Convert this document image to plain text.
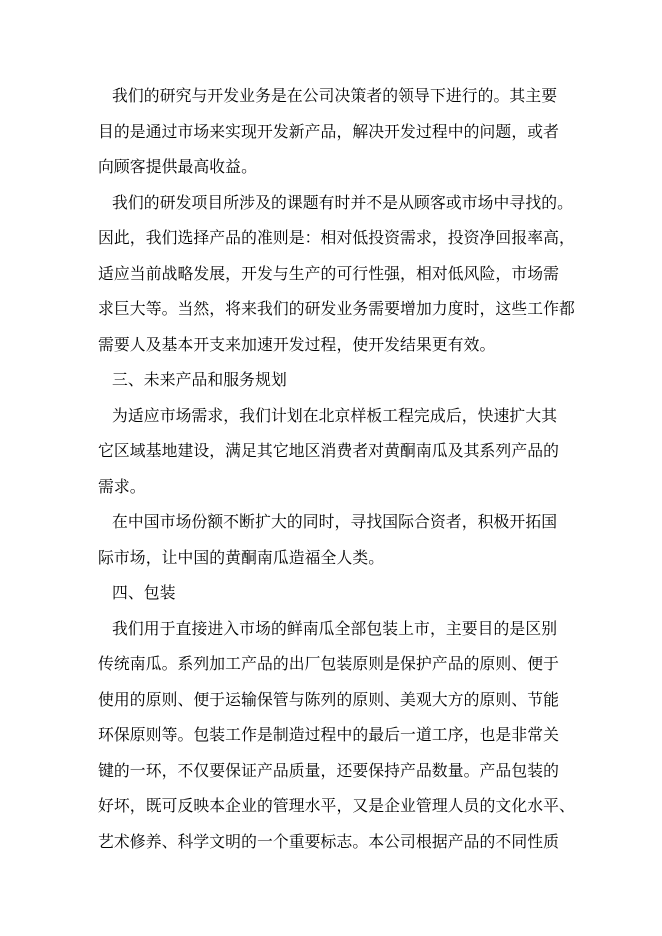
我们的研究与开发业务是在公司决策者的领导下进行的。其主要
目的是通过市场来实现开发新产品，解决开发过程中的问题，或者
向顾客提供最高收益。
我们的研发项目所涉及的课题有时并不是从顾客或市场中寻找的。
因此，我们选择产品的准则是：相对低投资需求，投资净回报率高，
适应当前战略发展，开发与生产的可行性强，相对低风险，市场需
求巨大等。当然，将来我们的研发业务需要增加力度时，这些工作都
需要人及基本开支来加速开发过程，使开发结果更有效。
三、未来产品和服务规划
为适应市场需求，我们计划在北京样板工程完成后，快速扩大其
它区域基地建设，满足其它地区消费者对黄酮南瓜及其系列产品的
需求。
在中国市场份额不断扩大的同时，寻找国际合资者，积极开拓国
际市场，让中国的黄酮南瓜造福全人类。
四、包装
我们用于直接进入市场的鲜南瓜全部包装上市，主要目的是区别
传统南瓜。系列加工产品的出厂包装原则是保护产品的原则、便于
使用的原则、便于运输保管与陈列的原则、美观大方的原则、节能
环保原则等。包装工作是制造过程中的最后一道工序，也是非常关
键的一环，不仅要保证产品质量，还要保持产品数量。产品包装的
好坏，既可反映本企业的管理水平，又是企业管理人员的文化水平、
艺术修养、科学文明的一个重要标志。本公司根据产品的不同性质
